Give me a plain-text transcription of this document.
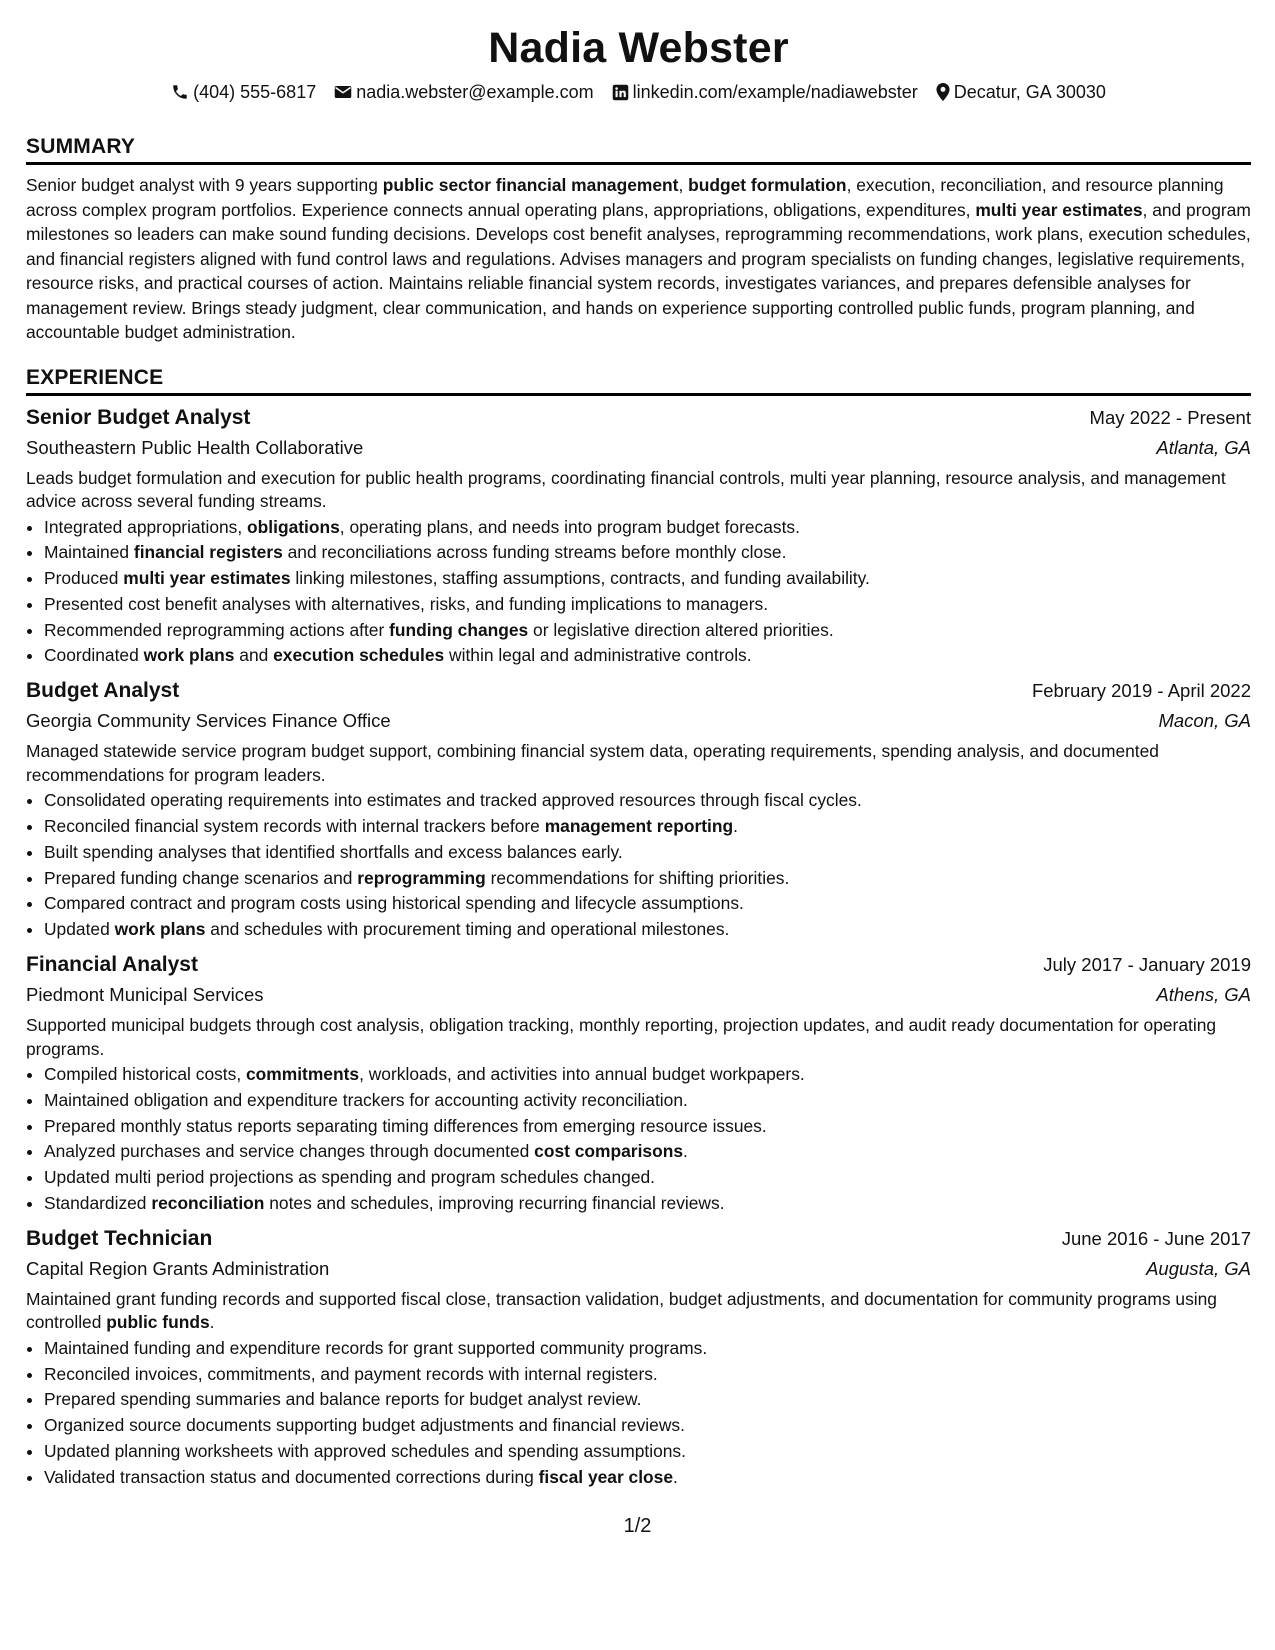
Nadia Webster
(404) 555-6817 nadia.webster@example.com linkedin.com/example/nadiawebster Decatur, GA 30030
SUMMARY

Senior budget analyst with 9 years supporting public sector financial management, budget formulation, execution, reconciliation, and resource planning across complex program portfolios. Experience connects annual operating plans, appropriations, obligations, expenditures, multi year estimates, and program milestones so leaders can make sound funding decisions. Develops cost benefit analyses, reprogramming recommendations, work plans, execution schedules, and financial registers aligned with fund control laws and regulations. Advises managers and program specialists on funding changes, legislative requirements, resource risks, and practical courses of action. Maintains reliable financial system records, investigates variances, and prepares defensible analyses for management review. Brings steady judgment, clear communication, and hands on experience supporting controlled public funds, program planning, and accountable budget administration.

EXPERIENCE
Senior Budget Analyst	May 2022 - Present
Southeastern Public Health Collaborative	Atlanta, GA

Leads budget formulation and execution for public health programs, coordinating financial controls, multi year planning, resource analysis, and management advice across several funding streams.

• Integrated appropriations, obligations, operating plans, and needs into program budget forecasts.
• Maintained financial registers and reconciliations across funding streams before monthly close.
• Produced multi year estimates linking milestones, staffing assumptions, contracts, and funding availability.
• Presented cost benefit analyses with alternatives, risks, and funding implications to managers.
• Recommended reprogramming actions after funding changes or legislative direction altered priorities.
• Coordinated work plans and execution schedules within legal and administrative controls.
Budget Analyst	February 2019 - April 2022
Georgia Community Services Finance Office	Macon, GA

Managed statewide service program budget support, combining financial system data, operating requirements, spending analysis, and documented recommendations for program leaders.

• Consolidated operating requirements into estimates and tracked approved resources through fiscal cycles.
• Reconciled financial system records with internal trackers before management reporting.
• Built spending analyses that identified shortfalls and excess balances early.
• Prepared funding change scenarios and reprogramming recommendations for shifting priorities.
• Compared contract and program costs using historical spending and lifecycle assumptions.
• Updated work plans and schedules with procurement timing and operational milestones.
Financial Analyst	July 2017 - January 2019
Piedmont Municipal Services	Athens, GA

Supported municipal budgets through cost analysis, obligation tracking, monthly reporting, projection updates, and audit ready documentation for operating programs.

• Compiled historical costs, commitments, workloads, and activities into annual budget workpapers.
• Maintained obligation and expenditure trackers for accounting activity reconciliation.
• Prepared monthly status reports separating timing differences from emerging resource issues.
• Analyzed purchases and service changes through documented cost comparisons.
• Updated multi period projections as spending and program schedules changed.
• Standardized reconciliation notes and schedules, improving recurring financial reviews.
Budget Technician	June 2016 - June 2017
Capital Region Grants Administration	Augusta, GA

Maintained grant funding records and supported fiscal close, transaction validation, budget adjustments, and documentation for community programs using controlled public funds.

• Maintained funding and expenditure records for grant supported community programs.
• Reconciled invoices, commitments, and payment records with internal registers.
• Prepared spending summaries and balance reports for budget analyst review.
• Organized source documents supporting budget adjustments and financial reviews.
• Updated planning worksheets with approved schedules and spending assumptions.
• Validated transaction status and documented corrections during fiscal year close.
1/2
